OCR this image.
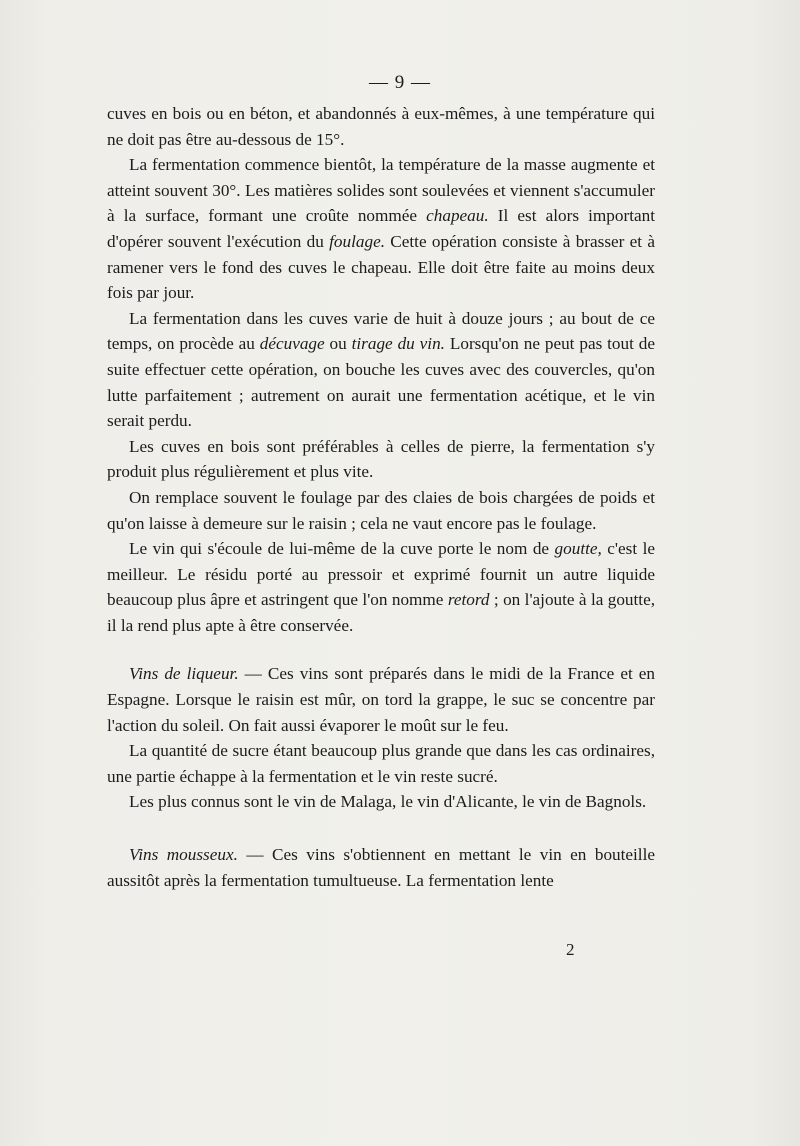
— 9 —

cuves en bois ou en béton, et abandonnés à eux-mêmes, à une température qui ne doit pas être au-dessous de 15°.

La fermentation commence bientôt, la température de la masse augmente et atteint souvent 30°. Les matières solides sont soulevées et viennent s'accumuler à la surface, formant une croûte nommée chapeau. Il est alors important d'opérer souvent l'exécution du foulage. Cette opération consiste à brasser et à ramener vers le fond des cuves le chapeau. Elle doit être faite au moins deux fois par jour.

La fermentation dans les cuves varie de huit à douze jours ; au bout de ce temps, on procède au décuvage ou tirage du vin. Lorsqu'on ne peut pas tout de suite effectuer cette opération, on bouche les cuves avec des couvercles, qu'on lutte parfaitement ; autrement on aurait une fermentation acétique, et le vin serait perdu.

Les cuves en bois sont préférables à celles de pierre, la fermentation s'y produit plus régulièrement et plus vite.

On remplace souvent le foulage par des claies de bois chargées de poids et qu'on laisse à demeure sur le raisin ; cela ne vaut encore pas le foulage.

Le vin qui s'écoule de lui-même de la cuve porte le nom de goutte, c'est le meilleur. Le résidu porté au pressoir et exprimé fournit un autre liquide beaucoup plus âpre et astringent que l'on nomme retord ; on l'ajoute à la goutte, il la rend plus apte à être conservée.

Vins de liqueur. — Ces vins sont préparés dans le midi de la France et en Espagne. Lorsque le raisin est mûr, on tord la grappe, le suc se concentre par l'action du soleil. On fait aussi évaporer le moût sur le feu.

La quantité de sucre étant beaucoup plus grande que dans les cas ordinaires, une partie échappe à la fermentation et le vin reste sucré.

Les plus connus sont le vin de Malaga, le vin d'Alicante, le vin de Bagnols.

Vins mousseux. — Ces vins s'obtiennent en mettant le vin en bouteille aussitôt après la fermentation tumultueuse. La fermentation lente

2
